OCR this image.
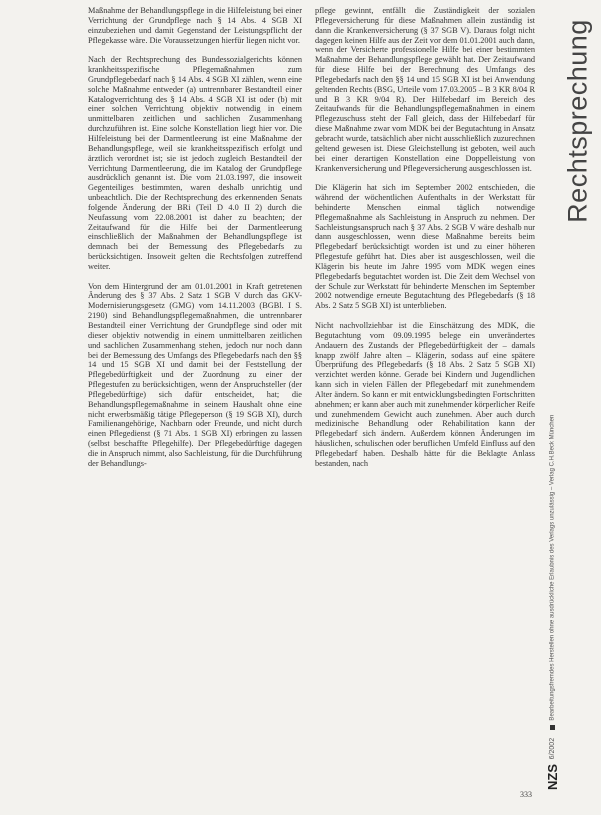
Maßnahme der Behandlungspflege in die Hilfeleistung bei einer Verrichtung der Grundpflege nach § 14 Abs. 4 SGB XI einzubeziehen und damit Gegenstand der Leistungspflicht der Pflegekasse wäre. Die Voraussetzungen hierfür liegen nicht vor.

Nach der Rechtsprechung des Bundessozialgerichts können krankheitsspezifische Pflegemaßnahmen zum Grundpflegebedarf nach § 14 Abs. 4 SGB XI zählen, wenn eine solche Maßnahme entweder (a) untrennbarer Bestandteil einer Katalogverrichtung des § 14 Abs. 4 SGB XI ist oder (b) mit einer solchen Verrichtung objektiv notwendig in einem unmittelbaren zeitlichen und sachlichen Zusammenhang durchzuführen ist. Eine solche Konstellation liegt hier vor. Die Hilfeleistung bei der Darmentleerung ist eine Maßnahme der Behandlungspflege, weil sie krankheitsspezifisch erfolgt und ärztlich verordnet ist; sie ist jedoch zugleich Bestandteil der Verrichtung Darmentleerung, die im Katalog der Grundpflege ausdrücklich genannt ist. Die vom 21.03.1997, die insoweit Gegenteiliges bestimmten, waren deshalb unrichtig und unbeachtlich. Die der Rechtsprechung des erkennenden Senats folgende Änderung der BRi (Teil D 4.0 II 2) durch die Neufassung vom 22.08.2001 ist daher zu beachten; der Zeitaufwand für die Hilfe bei der Darmentleerung einschließlich der Maßnahmen der Behandlungspflege ist demnach bei der Bemessung des Pflegebedarfs zu berücksichtigen. Insoweit gelten die Rechtsfolgen zutreffend weiter.

Von dem Hintergrund der am 01.01.2001 in Kraft getretenen Änderung des § 37 Abs. 2 Satz 1 SGB V durch das GKV-Modernisierungsgesetz (GMG) vom 14.11.2003 (BGBl. I S. 2190) sind Behandlungspflegemaßnahmen, die untrennbarer Bestandteil einer Verrichtung der Grundpflege sind oder mit dieser objektiv notwendig in einem unmittelbaren zeitlichen und sachlichen Zusammenhang stehen, jedoch nur noch dann bei der Bemessung des Umfangs des Pflegebedarfs nach den §§ 14 und 15 SGB XI und damit bei der Feststellung der Pflegebedürftigkeit und der Zuordnung zu einer der Pflegestufen zu berücksichtigen, wenn der Anspruchsteller (der Pflegebedürftige) sich dafür entscheidet, hat; die Behandlungspflegemaßnahme in seinem Haushalt ohne eine nicht erwerbsmäßig tätige Pflegeperson (§ 19 SGB XI), durch Familienangehörige, Nachbarn oder Freunde, und nicht durch einen Pflegedienst (§ 71 Abs. 1 SGB XI) erbringen zu lassen (selbst beschaffte Pflegehilfe). Der Pflegebedürftige dagegen die in Anspruch nimmt, also Sachleistung, für die Durchführung der Behandlungs-

pflege gewinnt, entfällt die Zuständigkeit der sozialen Pflegeversicherung für diese Maßnahmen allein zuständig ist dann die Krankenversicherung (§ 37 SGB V). Daraus folgt nicht dagegen keinen Hilfe aus der Zeit vor dem 01.01.2001 auch dann, wenn der Versicherte professionelle Hilfe bei einer bestimmten Maßnahme der Behandlungspflege gewählt hat. Der Zeitaufwand für diese Hilfe bei der Berechnung des Umfangs des Pflegebedarfs nach den §§ 14 und 15 SGB XI ist bei Anwendung geltenden Rechts (BSG, Urteile vom 17.03.2005 – B 3 KR 8/04 R und B 3 KR 9/04 R). Der Hilfebedarf im Bereich des Zeitaufwands für die Behandlungspflegemaßnahmen in einem Pflegezuschuss steht der Fall gleich, dass der Hilfebedarf für diese Maßnahme zwar vom MDK bei der Begutachtung in Ansatz gebracht wurde, tatsächlich aber nicht ausschließlich zuzurechnen geltend gewesen ist. Diese Gleichstellung ist geboten, weil auch bei einer derartigen Konstellation eine Doppelleistung von Krankenversicherung und Pflegeversicherung ausgeschlossen ist.

Die Klägerin hat sich im September 2002 entschieden, die während der wöchentlichen Aufenthalts in der Werkstatt für behinderte Menschen einmal täglich notwendige Pflegemaßnahme als Sachleistung in Anspruch zu nehmen. Der Sachleistungsanspruch nach § 37 Abs. 2 SGB V wäre deshalb nur dann ausgeschlossen, wenn diese Maßnahme bereits beim Pflegebedarf berücksichtigt worden ist und zu einer höheren Pflegestufe geführt hat. Dies aber ist ausgeschlossen, weil die Klägerin bis heute im Jahre 1995 vom MDK wegen eines Pflegebedarfs begutachtet worden ist. Die Zeit dem Wechsel von der Schule zur Werkstatt für behinderte Menschen im September 2002 notwendige erneute Begutachtung des Pflegebedarfs (§ 18 Abs. 2 Satz 5 SGB XI) ist unterblieben.

Nicht nachvollziehbar ist die Einschätzung des MDK, die Begutachtung vom 09.09.1995 belege ein unverändertes Andauern des Zustands der Pflegebedürftigkeit der – damals knapp zwölf Jahre alten – Klägerin, sodass auf eine spätere Überprüfung des Pflegebedarfs (§ 18 Abs. 2 Satz 5 SGB XI) verzichtet werden könne. Gerade bei Kindern und Jugendlichen kann sich in vielen Fällen der Pflegebedarf mit zunehmendem Alter ändern. So kann er mit entwicklungsbedingten Fortschritten abnehmen; er kann aber auch mit zunehmender körperlicher Reife und zunehmendem Gewicht auch zunehmen. Aber auch durch medizinische Behandlung oder Rehabilitation kann der Pflegebedarf sich ändern. Außerdem können Änderungen im häuslichen, schulischen oder beruflichen Umfeld Einfluss auf den Pflegebedarf haben. Deshalb hätte für die Beklagte Anlass bestanden, nach

Rechtsprechung
NZS 6/2002  Bearbeitungsfremdes Herstellen ohne ausdrückliche Erlaubnis des Verlags unzulässig – Verlag C.H.Beck München
333
